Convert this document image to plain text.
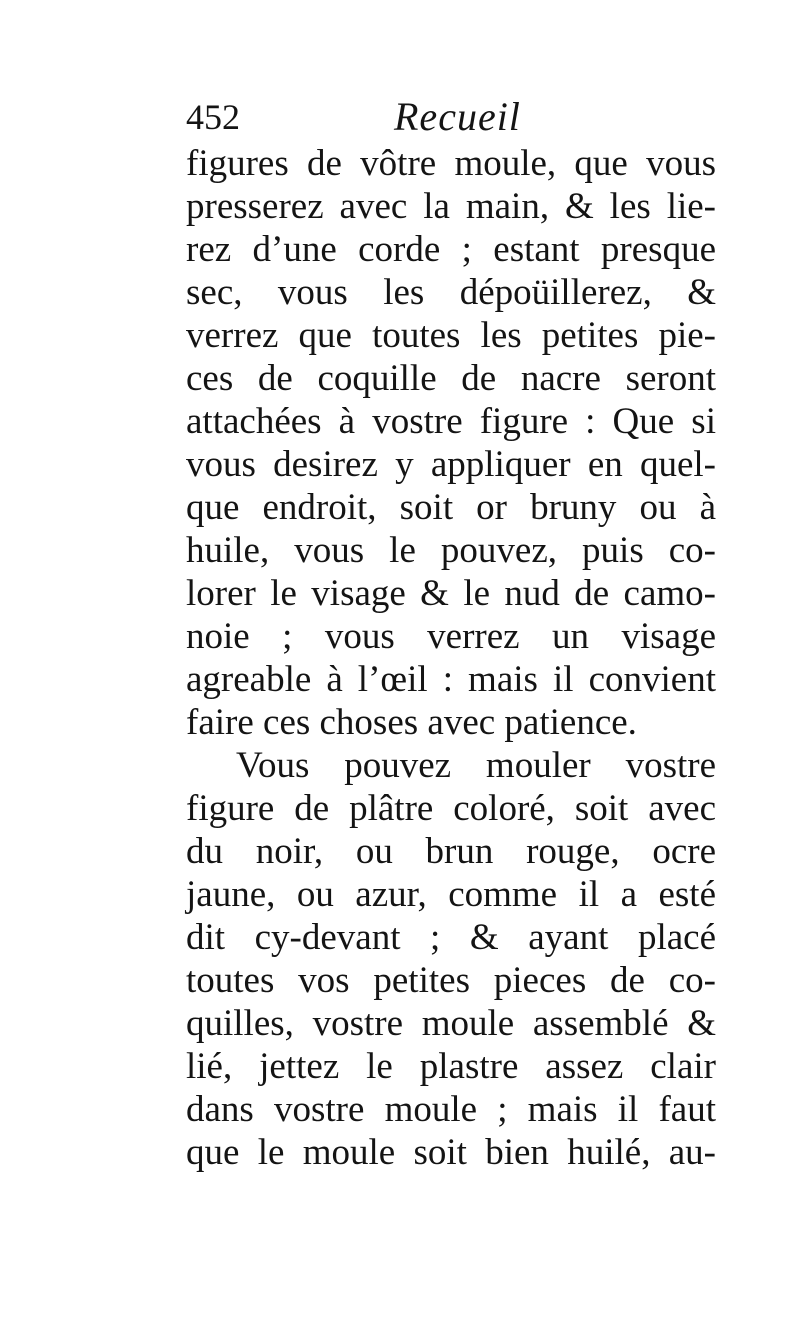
452	Recueil
figures de vôtre moule, que vous
presserez avec la main, & les lie-
rez d’une corde ; estant presque
sec, vous les dépoüillerez, &
verrez que toutes les petites pie-
ces de coquille de nacre seront
attachées à vostre figure : Que si
vous desirez y appliquer en quel-
que endroit, soit or bruny ou à
huile, vous le pouvez, puis co-
lorer le visage & le nud de camo-
noie ; vous verrez un visage
agreable à l’œil : mais il convient
faire ces choses avec patience.
Vous pouvez mouler vostre
figure de plâtre coloré, soit avec
du noir, ou brun rouge, ocre
jaune, ou azur, comme il a esté
dit cy-devant ; & ayant placé
toutes vos petites pieces de co-
quilles, vostre moule assemblé &
lié, jettez le plastre assez clair
dans vostre moule ; mais il faut
que le moule soit bien huilé, au-
